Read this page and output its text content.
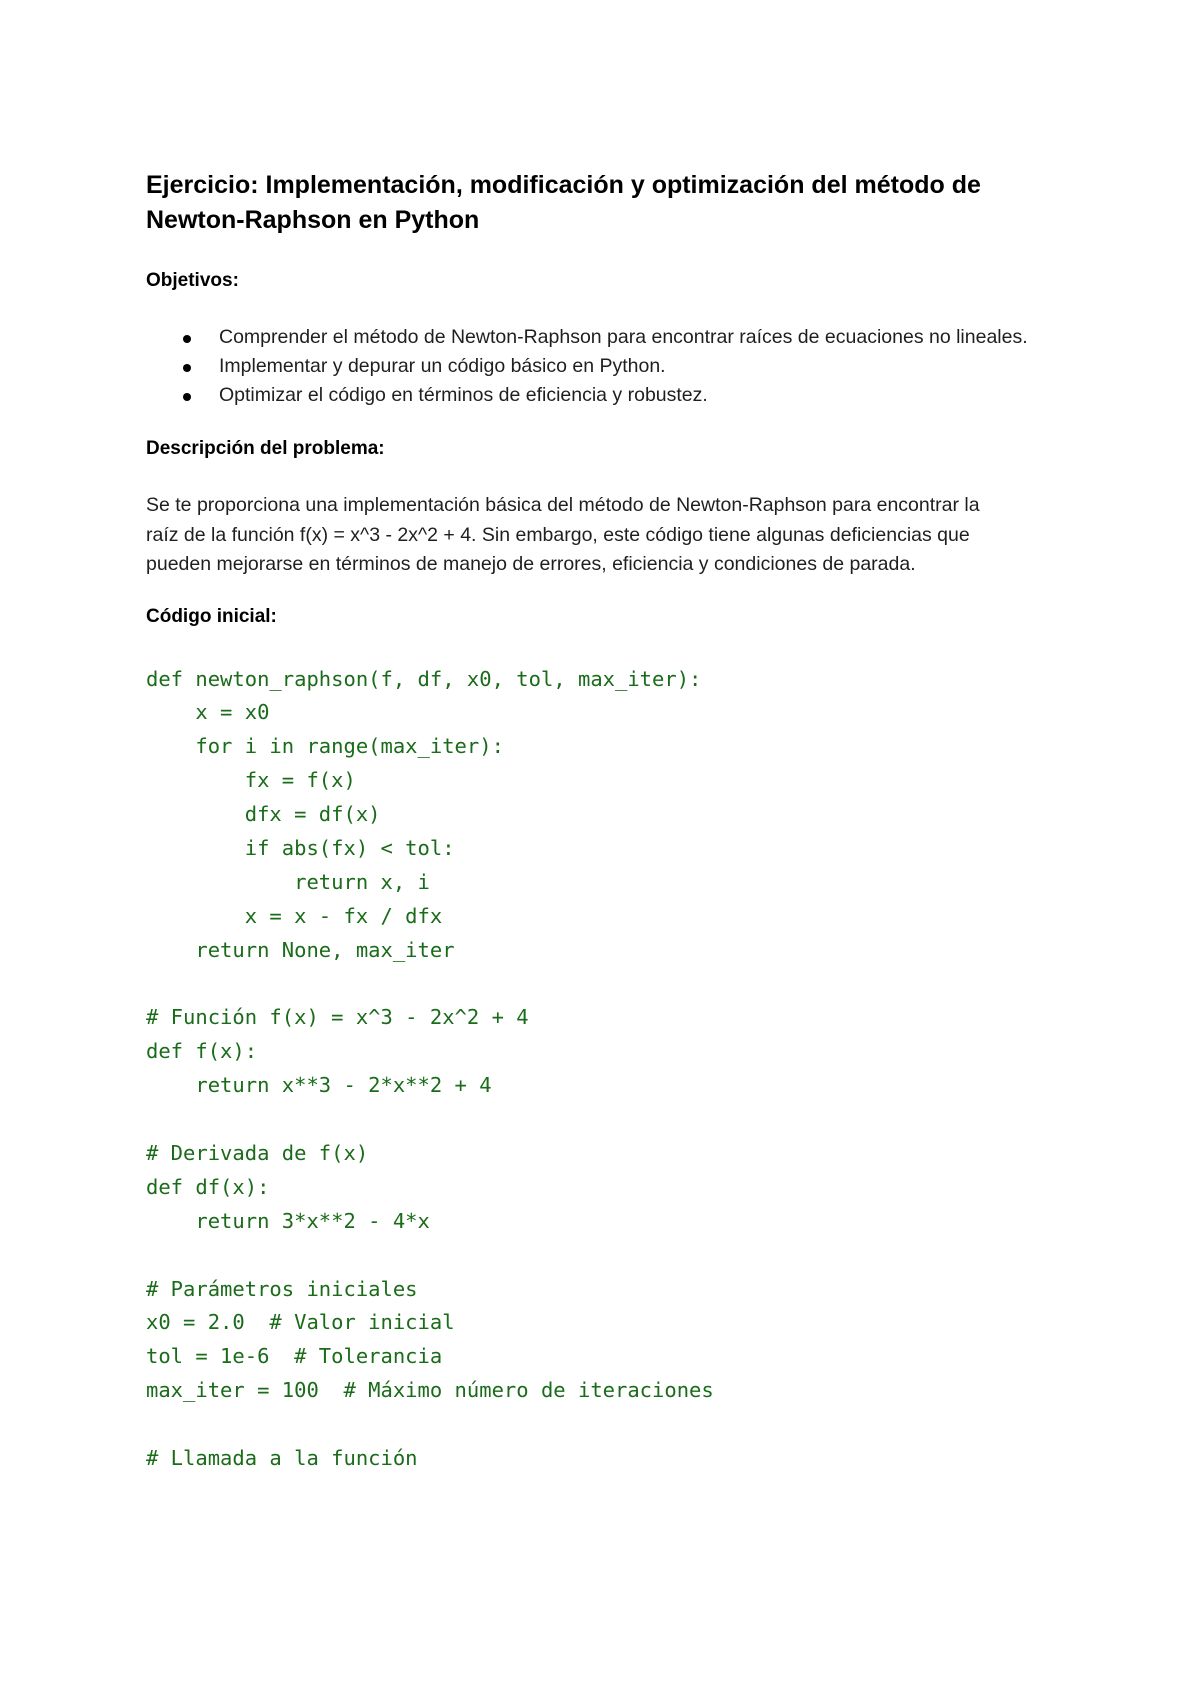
Ejercicio: Implementación, modificación y optimización del método de Newton-Raphson en Python
Objetivos:
Comprender el método de Newton-Raphson para encontrar raíces de ecuaciones no lineales.
Implementar y depurar un código básico en Python.
Optimizar el código en términos de eficiencia y robustez.
Descripción del problema:

Se te proporciona una implementación básica del método de Newton-Raphson para encontrar la raíz de la función f(x) = x^3 - 2x^2 + 4. Sin embargo, este código tiene algunas deficiencias que pueden mejorarse en términos de manejo de errores, eficiencia y condiciones de parada.

Código inicial:
def newton_raphson(f, df, x0, tol, max_iter):
x = x0
for i in range(max_iter):
fx = f(x)
dfx = df(x)
if abs(fx) < tol:
return x, i
x = x - fx / dfx
return None, max_iter
# Función f(x) = x^3 - 2x^2 + 4
def f(x):
return x**3 - 2*x**2 + 4
# Derivada de f(x)
def df(x):
return 3*x**2 - 4*x
# Parámetros iniciales
x0 = 2.0  # Valor inicial
tol = 1e-6  # Tolerancia
max_iter = 100  # Máximo número de iteraciones
# Llamada a la función
